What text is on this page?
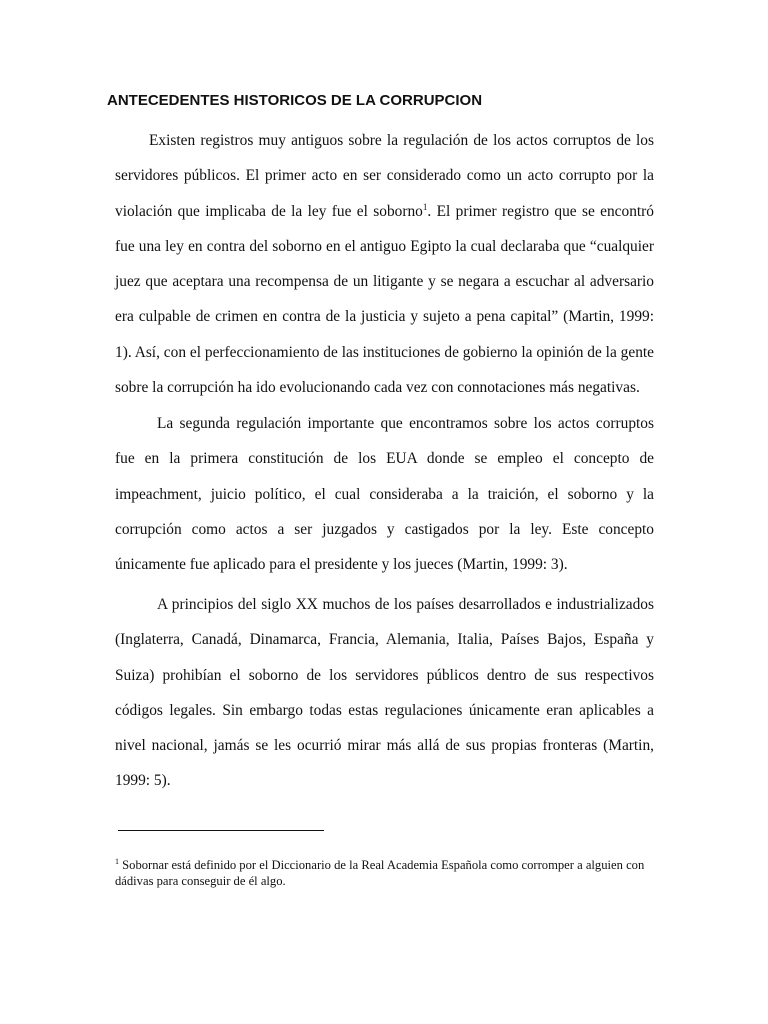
ANTECEDENTES HISTORICOS DE LA CORRUPCION

Existen registros muy antiguos sobre la regulación de los actos corruptos de los servidores públicos. El primer acto en ser considerado como un acto corrupto por la violación que implicaba de la ley fue el soborno$^1$. El primer registro que se encontró fue una ley en contra del soborno en el antiguo Egipto la cual declaraba que “cualquier juez que aceptara una recompensa de un litigante y se negara a escuchar al adversario era culpable de crimen en contra de la justicia y sujeto a pena capital” (Martin, 1999: 1). Así, con el perfeccionamiento de las instituciones de gobierno la opinión de la gente sobre la corrupción ha ido evolucionando cada vez con connotaciones más negativas.

La segunda regulación importante que encontramos sobre los actos corruptos fue en la primera constitución de los EUA donde se empleo el concepto de impeachment, juicio político, el cual consideraba a la traición, el soborno y la corrupción como actos a ser juzgados y castigados por la ley. Este concepto únicamente fue aplicado para el presidente y los jueces (Martin, 1999: 3).

A principios del siglo XX muchos de los países desarrollados e industrializados (Inglaterra, Canadá, Dinamarca, Francia, Alemania, Italia, Países Bajos, España y Suiza) prohibían el soborno de los servidores públicos dentro de sus respectivos códigos legales. Sin embargo todas estas regulaciones únicamente eran aplicables a nivel nacional, jamás se les ocurrió mirar más allá de sus propias fronteras (Martin, 1999: 5).

$^1$ Sobornar está definido por el Diccionario de la Real Academia Española como corromper a alguien con dádivas para conseguir de él algo.
